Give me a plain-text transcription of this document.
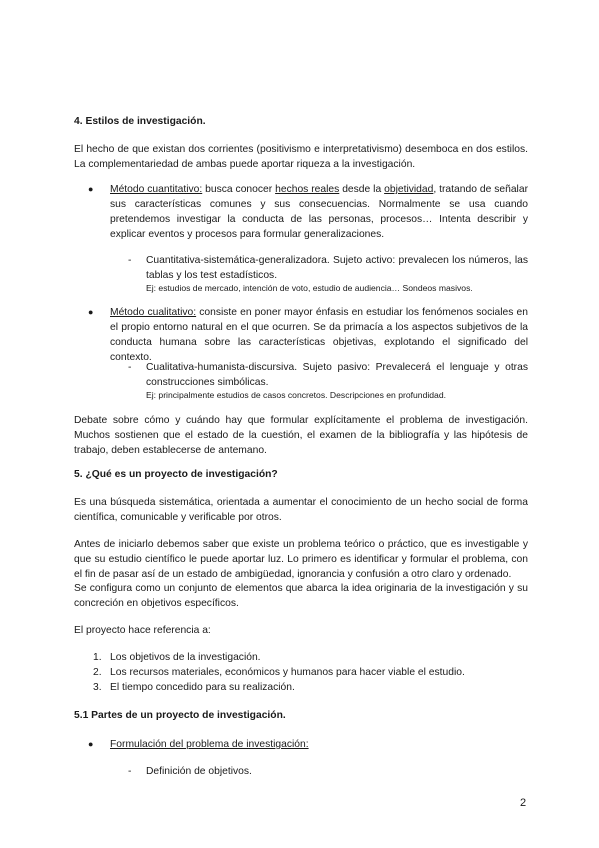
4. Estilos de investigación.
El hecho de que existan dos corrientes (positivismo e interpretativismo) desemboca en dos estilos. La complementariedad de ambas puede aportar riqueza a la investigación.
● Método cuantitativo: busca conocer hechos reales desde la objetividad, tratando de señalar sus características comunes y sus consecuencias. Normalmente se usa cuando pretendemos investigar la conducta de las personas, procesos… Intenta describir y explicar eventos y procesos para formular generalizaciones.
- Cuantitativa-sistemática-generalizadora. Sujeto activo: prevalecen los números, las tablas y los test estadísticos.
Ej: estudios de mercado, intención de voto, estudio de audiencia… Sondeos masivos.
● Método cualitativo: consiste en poner mayor énfasis en estudiar los fenómenos sociales en el propio entorno natural en el que ocurren. Se da primacía a los aspectos subjetivos de la conducta humana sobre las características objetivas, explotando el significado del contexto.
- Cualitativa-humanista-discursiva. Sujeto pasivo: Prevalecerá el lenguaje y otras construcciones simbólicas.
Ej: principalmente estudios de casos concretos. Descripciones en profundidad.
Debate sobre cómo y cuándo hay que formular explícitamente el problema de investigación. Muchos sostienen que el estado de la cuestión, el examen de la bibliografía y las hipótesis de trabajo, deben establecerse de antemano.
5. ¿Qué es un proyecto de investigación?
Es una búsqueda sistemática, orientada a aumentar el conocimiento de un hecho social de forma científica, comunicable y verificable por otros.
Antes de iniciarlo debemos saber que existe un problema teórico o práctico, que es investigable y que su estudio científico le puede aportar luz. Lo primero es identificar y formular el problema, con el fin de pasar así de un estado de ambigüedad, ignorancia y confusión a otro claro y ordenado.
Se configura como un conjunto de elementos que abarca la idea originaria de la investigación y su concreción en objetivos específicos.
El proyecto hace referencia a:
1. Los objetivos de la investigación.
2. Los recursos materiales, económicos y humanos para hacer viable el estudio.
3. El tiempo concedido para su realización.
5.1 Partes de un proyecto de investigación.
● Formulación del problema de investigación:
- Definición de objetivos.
2
